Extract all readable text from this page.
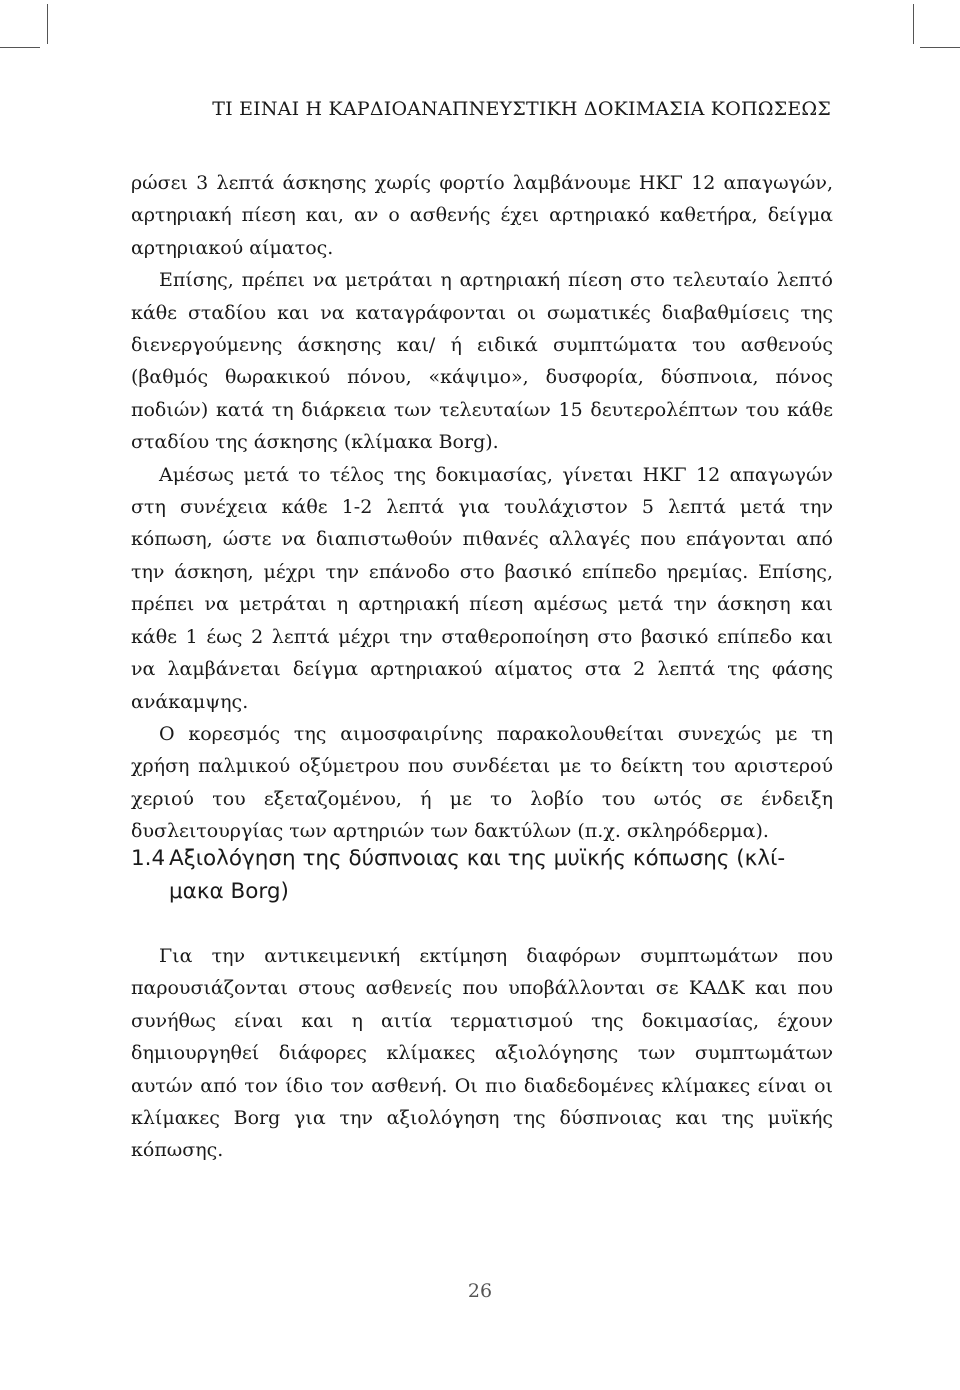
ΤΙ ΕΙΝΑΙ Η ΚΑΡΔΙΟΑΝΑΠΝΕΥΣΤΙΚΗ ΔΟΚΙΜΑΣΙΑ ΚΟΠΩΣΕΩΣ

ρώσει 3 λεπτά άσκησης χωρίς φορτίο λαμβάνουμε ΗΚΓ 12 απαγωγών, αρτηριακή πίεση και, αν ο ασθενής έχει αρτηριακό καθετήρα, δείγμα αρτηριακού αίματος.

Επίσης, πρέπει να μετράται η αρτηριακή πίεση στο τελευταίο λεπτό κάθε σταδίου και να καταγράφονται οι σωματικές διαβαθμίσεις της διενεργούμενης άσκησης και/ ή ειδικά συμπτώματα του ασθενούς (βαθμός θωρακικού πόνου, «κάψιμο», δυσφορία, δύσπνοια, πόνος ποδιών) κατά τη διάρκεια των τελευταίων 15 δευτερολέπτων του κάθε σταδίου της άσκησης (κλίμακα Borg).

Αμέσως μετά το τέλος της δοκιμασίας, γίνεται ΗΚΓ 12 απαγωγών στη συνέχεια κάθε 1-2 λεπτά για τουλάχιστον 5 λεπτά μετά την κόπωση, ώστε να διαπιστωθούν πιθανές αλλαγές που επάγονται από την άσκηση, μέχρι την επάνοδο στο βασικό επίπεδο ηρεμίας. Επίσης, πρέπει να μετράται η αρτηριακή πίεση αμέσως μετά την άσκηση και κάθε 1 έως 2 λεπτά μέχρι την σταθεροποίηση στο βασικό επίπεδο και να λαμβάνεται δείγμα αρτηριακού αίματος στα 2 λεπτά της φάσης ανάκαμψης.

Ο κορεσμός της αιμοσφαιρίνης παρακολουθείται συνεχώς με τη χρήση παλμικού οξύμετρου που συνδέεται με το δείκτη του αριστερού χεριού του εξεταζομένου, ή με το λοβίο του ωτός σε ένδειξη δυσλειτουργίας των αρτηριών των δακτύλων (π.χ. σκληρόδερμα).

1.4 Αξιολόγηση της δύσπνοιας και της μυϊκής κόπωσης (κλί-
μακα Borg)

Για την αντικειμενική εκτίμηση διαφόρων συμπτωμάτων που παρουσιάζονται στους ασθενείς που υποβάλλονται σε ΚΑΔΚ και που συνήθως είναι και η αιτία τερματισμού της δοκιμασίας, έχουν δημιουργηθεί διάφορες κλίμακες αξιολόγησης των συμπτωμάτων αυτών από τον ίδιο τον ασθενή. Οι πιο διαδεδομένες κλίμακες είναι οι κλίμακες Borg για την αξιολόγηση της δύσπνοιας και της μυϊκής κόπωσης.

26
